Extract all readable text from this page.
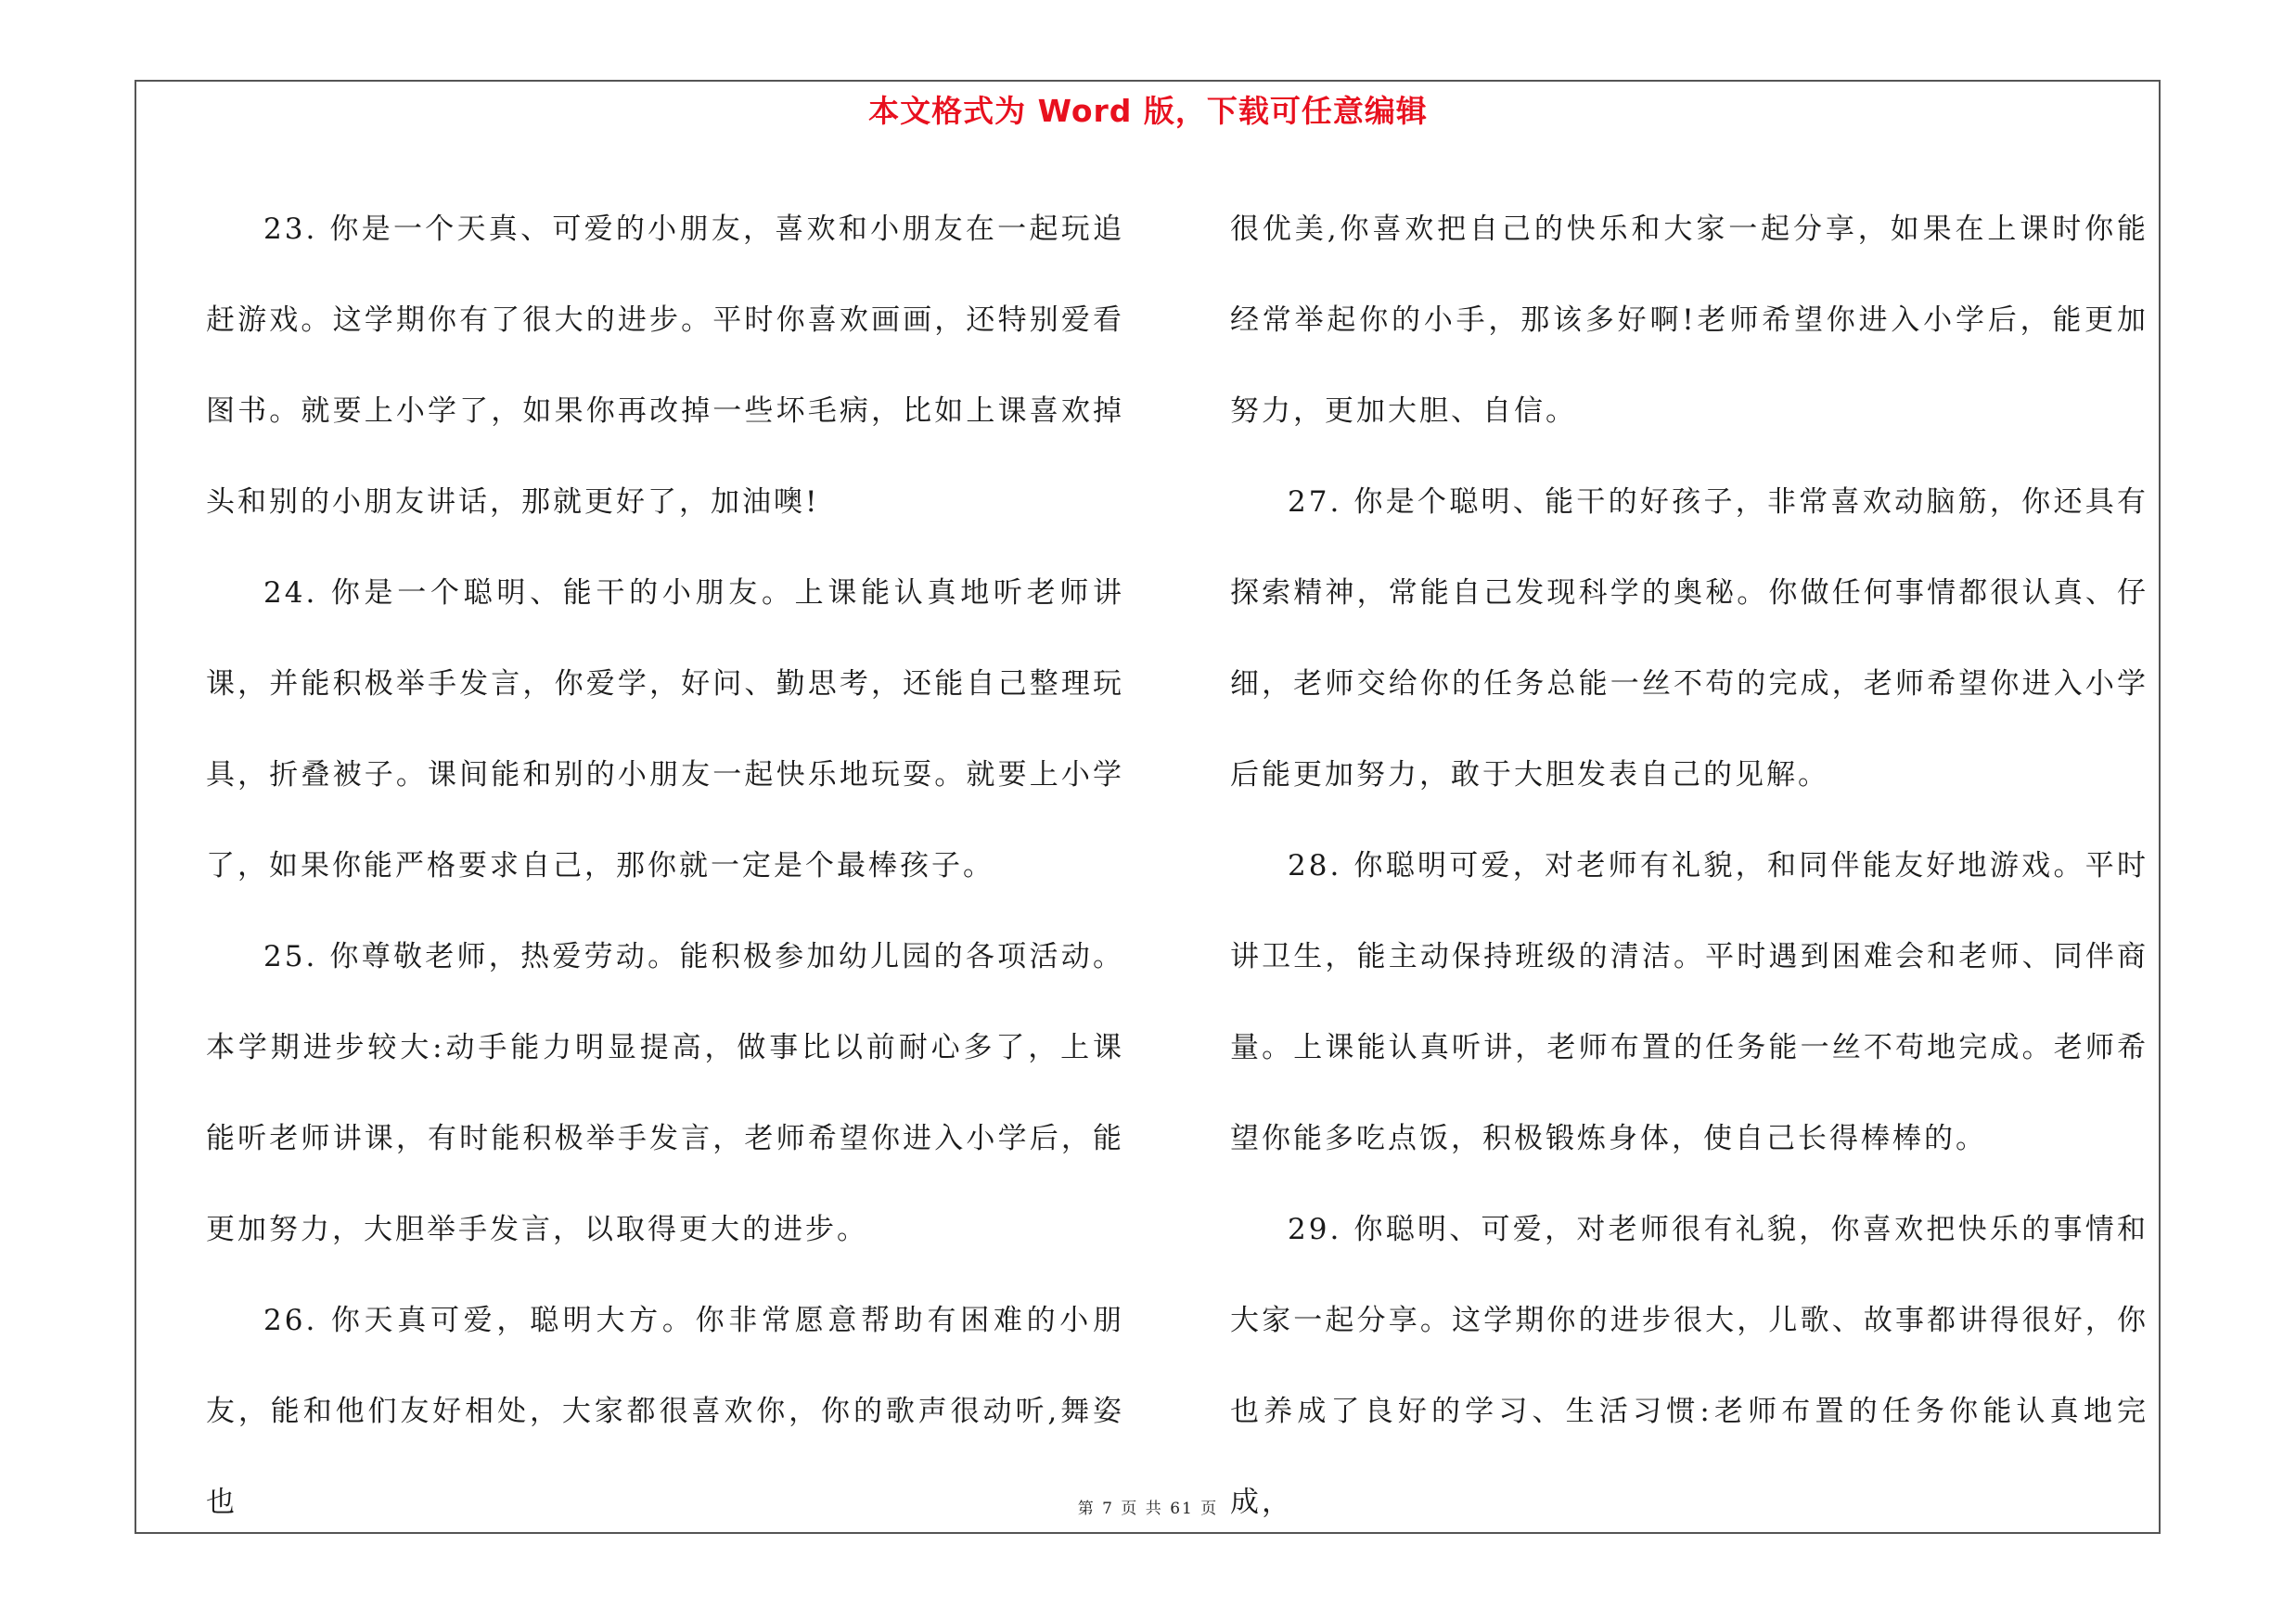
本文格式为 Word 版，下载可任意编辑

23. 你是一个天真、可爱的小朋友，喜欢和小朋友在一起玩追赶游戏。这学期你有了很大的进步。平时你喜欢画画，还特别爱看图书。就要上小学了，如果你再改掉一些坏毛病，比如上课喜欢掉头和别的小朋友讲话，那就更好了，加油噢!

24. 你是一个聪明、能干的小朋友。上课能认真地听老师讲课，并能积极举手发言，你爱学，好问、勤思考，还能自己整理玩具，折叠被子。课间能和别的小朋友一起快乐地玩耍。就要上小学了，如果你能严格要求自己，那你就一定是个最棒孩子。

25. 你尊敬老师，热爱劳动。能积极参加幼儿园的各项活动。本学期进步较大:动手能力明显提高，做事比以前耐心多了，上课能听老师讲课，有时能积极举手发言，老师希望你进入小学后，能更加努力，大胆举手发言，以取得更大的进步。

26. 你天真可爱，聪明大方。你非常愿意帮助有困难的小朋友，能和他们友好相处，大家都很喜欢你，你的歌声很动听,舞姿也

很优美,你喜欢把自己的快乐和大家一起分享，如果在上课时你能经常举起你的小手，那该多好啊!老师希望你进入小学后，能更加努力，更加大胆、自信。

27. 你是个聪明、能干的好孩子，非常喜欢动脑筋，你还具有探索精神，常能自己发现科学的奥秘。你做任何事情都很认真、仔细，老师交给你的任务总能一丝不苟的完成，老师希望你进入小学后能更加努力，敢于大胆发表自己的见解。

28. 你聪明可爱，对老师有礼貌，和同伴能友好地游戏。平时讲卫生，能主动保持班级的清洁。平时遇到困难会和老师、同伴商量。上课能认真听讲，老师布置的任务能一丝不苟地完成。老师希望你能多吃点饭，积极锻炼身体，使自己长得棒棒的。

29. 你聪明、可爱，对老师很有礼貌，你喜欢把快乐的事情和大家一起分享。这学期你的进步很大，儿歌、故事都讲得很好，你也养成了良好的学习、生活习惯:老师布置的任务你能认真地完成，

第 7 页 共 61 页
